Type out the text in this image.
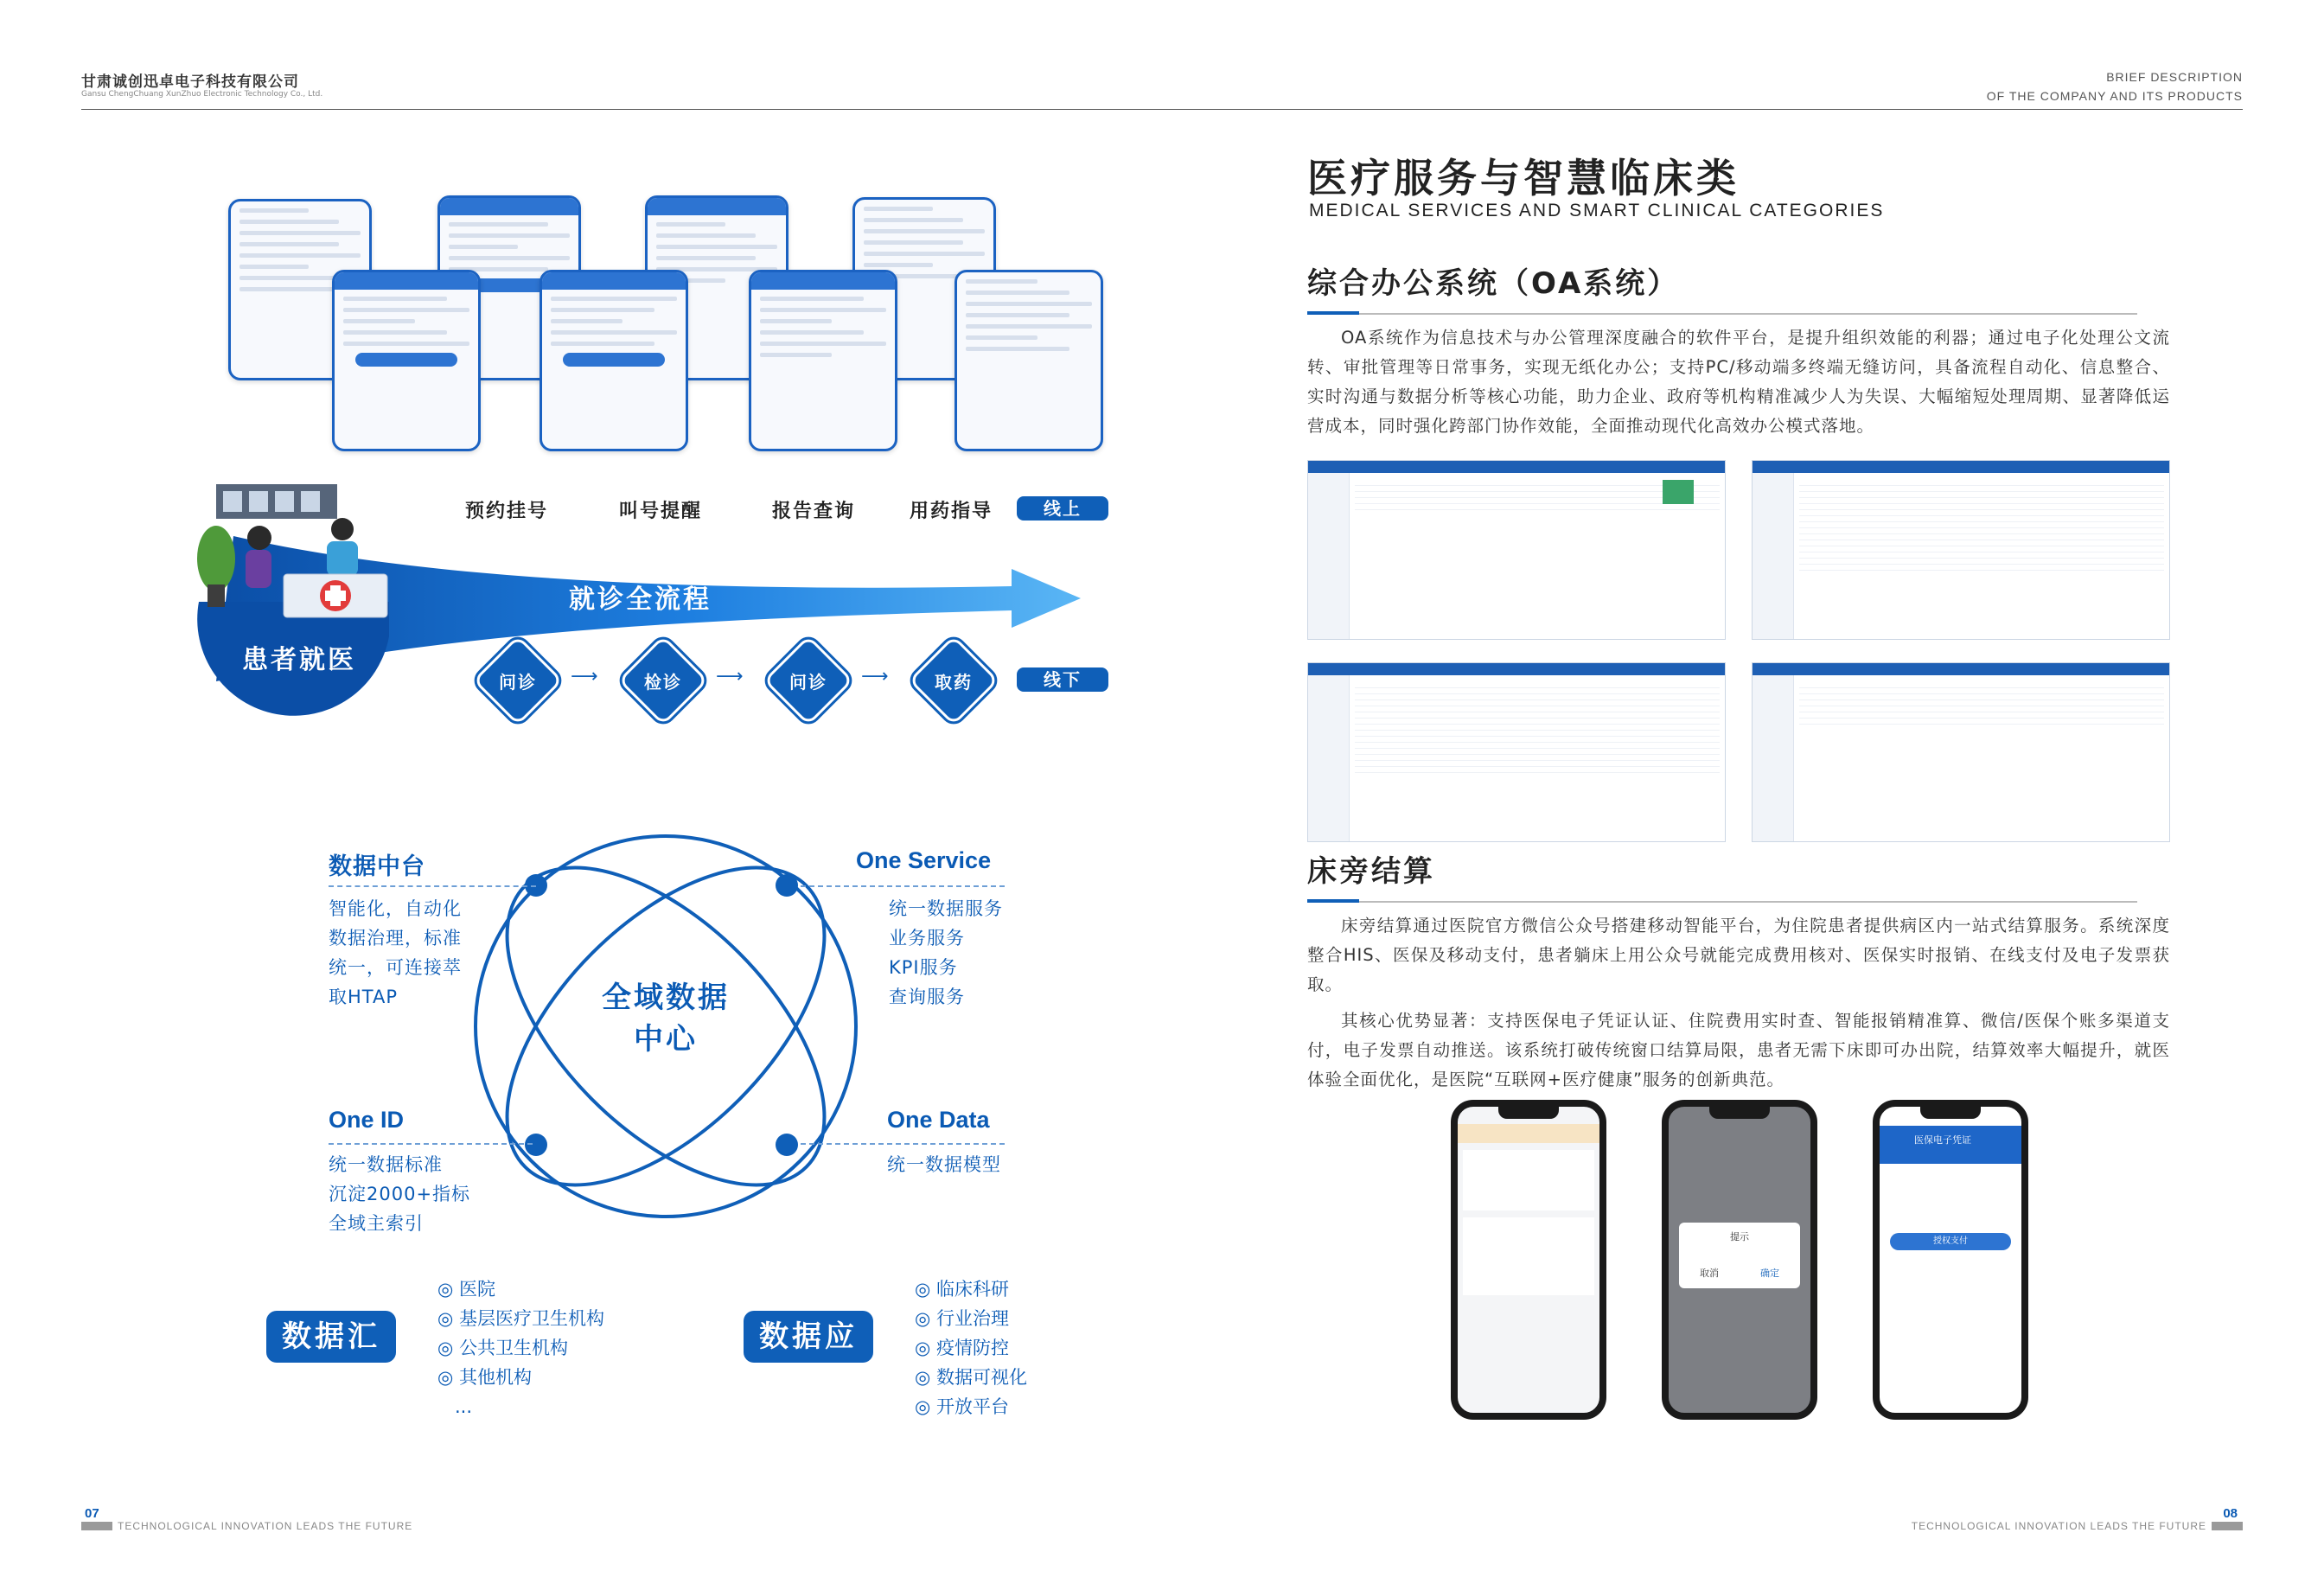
甘肃诚创迅卓电子科技有限公司
Gansu ChengChuang XunZhuo Electronic Technology Co., Ltd.
BRIEF DESCRIPTION
OF THE COMPANY AND ITS PRODUCTS
预约挂号	叫号提醒	报告查询	用药指导	线上
就诊全流程
患者就医
问诊	⟶	检诊	⟶	问诊	⟶	取药	线下
全域数据
中心
数据中台
智能化，自动化
数据治理，标准
统一，可连接萃
取HTAP
One Service
统一数据服务
业务服务
KPI服务
查询服务
One ID
统一数据标准
沉淀2000+指标
全域主索引
One Data
统一数据模型
数据汇集
◎ 医院
◎ 基层医疗卫生机构
◎ 公共卫生机构
◎ 其他机构
...
数据应用
◎ 临床科研
◎ 行业治理
◎ 疫情防控
◎ 数据可视化
◎ 开放平台
医疗服务与智慧临床类
MEDICAL SERVICES AND SMART CLINICAL CATEGORIES
综合办公系统（OA系统）
OA系统作为信息技术与办公管理深度融合的软件平台，是提升组织效能的利器；通过电子化处理公文流转、审批管理等日常事务，实现无纸化办公；支持PC/移动端多终端无缝访问，具备流程自动化、信息整合、实时沟通与数据分析等核心功能，助力企业、政府等机构精准减少人为失误、大幅缩短处理周期、显著降低运营成本，同时强化跨部门协作效能，全面推动现代化高效办公模式落地。
床旁结算
床旁结算通过医院官方微信公众号搭建移动智能平台，为住院患者提供病区内一站式结算服务。系统深度整合HIS、医保及移动支付，患者躺床上用公众号就能完成费用核对、医保实时报销、在线支付及电子发票获取。
其核心优势显著：支持医保电子凭证认证、住院费用实时查、智能报销精准算、微信/医保个账多渠道支付，电子发票自动推送。该系统打破传统窗口结算局限，患者无需下床即可办出院，结算效率大幅提升，就医体验全面优化，是医院“互联网+医疗健康”服务的创新典范。
提示
取消	确定
医保电子凭证
授权支付
07
TECHNOLOGICAL INNOVATION LEADS THE FUTURE
08
TECHNOLOGICAL INNOVATION LEADS THE FUTURE
